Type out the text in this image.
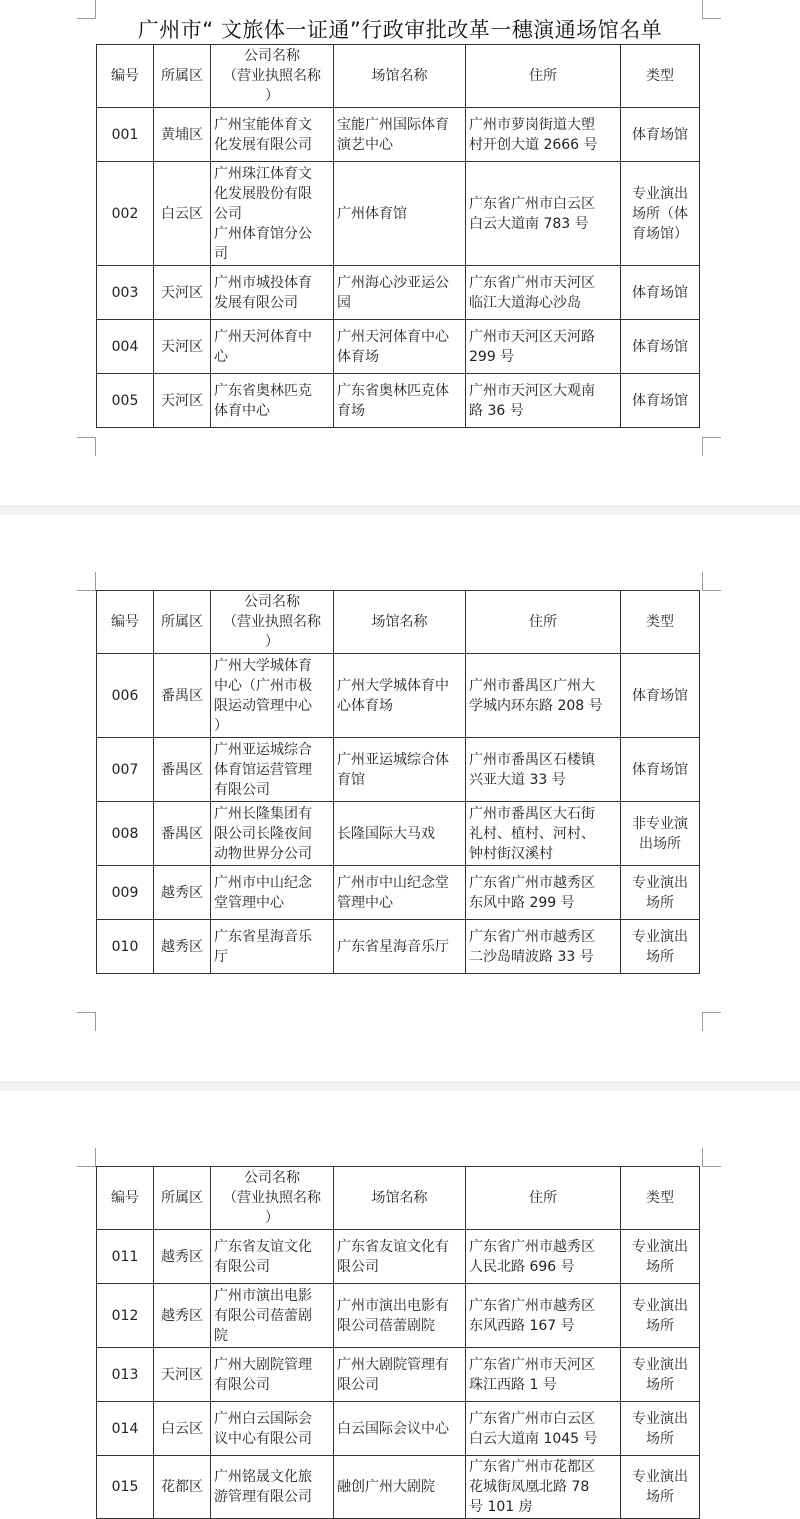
广州市“ 文旅体一证通”行政审批改革一穗演通场馆名单
编号	所属区	公司名称
（营业执照名称
）	场馆名称	住所	类型
001	黄埔区	广州宝能体育文
化发展有限公司	宝能广州国际体育
演艺中心	广州市萝岗街道大塱
村开创大道 2666 号	体育场馆
002	白云区	广州珠江体育文
化发展股份有限
公司
广州体育馆分公
司	广州体育馆	广东省广州市白云区
白云大道南 783 号	专业演出
场所（体
育场馆）
003	天河区	广州市城投体育
发展有限公司	广州海心沙亚运公
园	广东省广州市天河区
临江大道海心沙岛	体育场馆
004	天河区	广州天河体育中
心	广州天河体育中心
体育场	广州市天河区天河路
299 号	体育场馆
005	天河区	广东省奥林匹克
体育中心	广东省奥林匹克体
育场	广州市天河区大观南
路 36 号	体育场馆
编号	所属区	公司名称
（营业执照名称
）	场馆名称	住所	类型
006	番禺区	广州大学城体育
中心（广州市极
限运动管理中心
）	广州大学城体育中
心体育场	广州市番禺区广州大
学城内环东路 208 号	体育场馆
007	番禺区	广州亚运城综合
体育馆运营管理
有限公司	广州亚运城综合体
育馆	广州市番禺区石楼镇
兴亚大道 33 号	体育场馆
008	番禺区	广州长隆集团有
限公司长隆夜间
动物世界分公司	长隆国际大马戏	广州市番禺区大石街
礼村、植村、河村、
钟村街汉溪村	非专业演
出场所
009	越秀区	广州市中山纪念
堂管理中心	广州市中山纪念堂
管理中心	广东省广州市越秀区
东风中路 299 号	专业演出
场所
010	越秀区	广东省星海音乐
厅	广东省星海音乐厅	广东省广州市越秀区
二沙岛晴波路 33 号	专业演出
场所
编号	所属区	公司名称
（营业执照名称
）	场馆名称	住所	类型
011	越秀区	广东省友谊文化
有限公司	广东省友谊文化有
限公司	广东省广州市越秀区
人民北路 696 号	专业演出
场所
012	越秀区	广州市演出电影
有限公司蓓蕾剧
院	广州市演出电影有
限公司蓓蕾剧院	广东省广州市越秀区
东风西路 167 号	专业演出
场所
013	天河区	广州大剧院管理
有限公司	广州大剧院管理有
限公司	广东省广州市天河区
珠江西路 1 号	专业演出
场所
014	白云区	广州白云国际会
议中心有限公司	白云国际会议中心	广东省广州市白云区
白云大道南 1045 号	专业演出
场所
015	花都区	广州铭晟文化旅
游管理有限公司	融创广州大剧院	广东省广州市花都区
花城街凤凰北路 78
号 101 房	专业演出
场所
